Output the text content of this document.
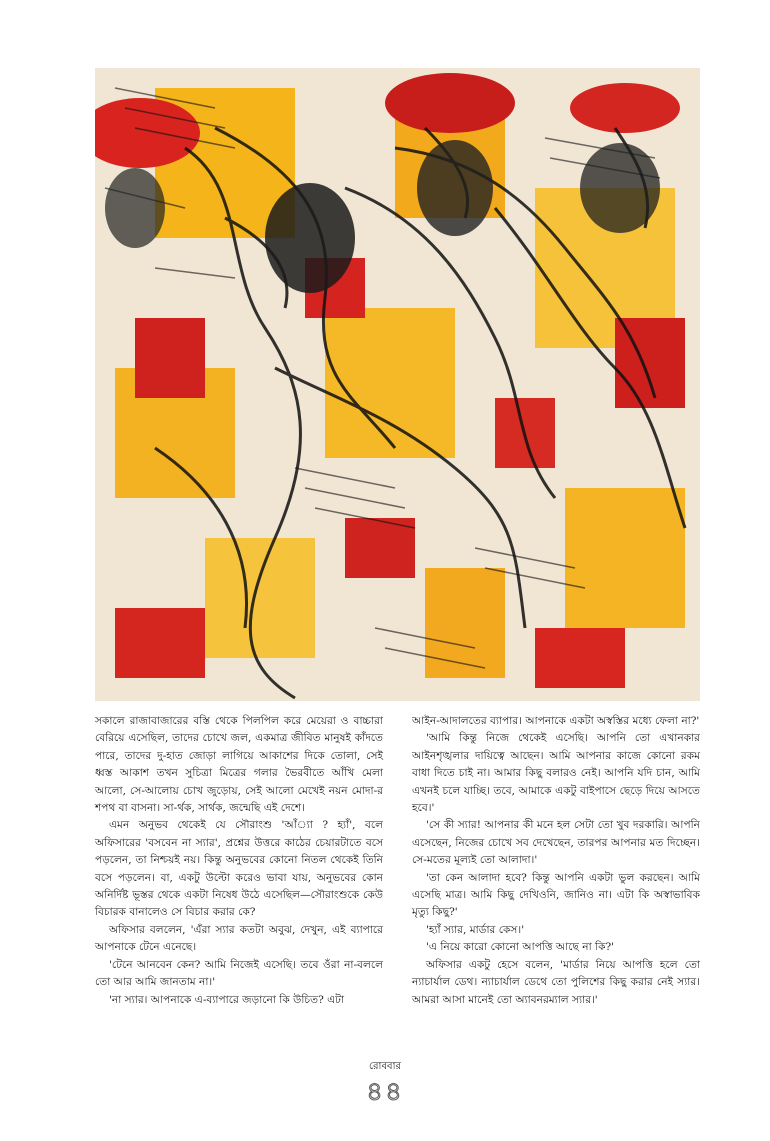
সকালে রাজাবাজারের বস্তি থেকে পিলপিল করে মেয়েরা ও বাচ্চারা বেরিয়ে এসেছিল, তাদের চোখে জল, একমাত্র জীবিত মানুষই কাঁদতে পারে, তাদের দু-হাত জোড়া লাগিয়ে আকাশের দিকে তোলা, সেই ধ্বস্ত আকাশ তখন সুচিত্রা মিত্রের গলার ভৈরবীতে আঁখি মেলা আলো, সে-আলোয় চোখ জুড়োয়, সেই আলো মেখেই নয়ন মোদা-র শপথ বা বাসনা। সা-র্থক, সার্থক, জন্মেছি এই দেশে।

এমন অনুভব থেকেই যে সৌরাংশু 'আঁ্যা ? হ্যাঁ', বলে অফিসারের 'বসবেন না স্যার', প্রশ্নের উত্তরে কাঠের চেয়ারটাতে বসে পড়লেন, তা নিশ্চয়ই নয়। কিন্তু অনুভবের কোনো নিতল থেকেই তিনি বসে পড়লেন। বা, একটু উল্টো করেও ভাবা যায়, অনুভবের কোন অনির্দিষ্ট ভূস্তর থেকে একটা নিষেধ উঠে এসেছিল—সৌরাংশুকে কেউ বিচারক বানালেও সে বিচার করার কে?

অফিসার বললেন, 'এঁরা স্যার কতটা অবুঝ, দেখুন, এই ব্যাপারে আপনাকে টেনে এনেছে।

'টেনে আনবেন কেন? আমি নিজেই এসেছি। তবে ওঁরা না-বললে তো আর আমি জানতাম না।'

'না স্যার। আপনাকে এ-ব্যাপারে জড়ানো কি উচিত? এটা

আইন-আদালতের ব্যাপার। আপনাকে একটা অস্বস্তির মধ্যে ফেলা না?'

'আমি কিন্তু নিজে থেকেই এসেছি। আপনি তো এখানকার আইনশৃঙ্খলার দায়িত্বে আছেন। আমি আপনার কাজে কোনো রকম বাধা দিতে চাই না। আমার কিছু বলারও নেই। আপনি যদি চান, আমি এখনই চলে যাচ্ছি। তবে, আমাকে একটু বাইপাসে ছেড়ে দিয়ে আসতে হবে।'

'সে কী স্যার! আপনার কী মনে হল সেটা তো খুব দরকারি। আপনি এসেছেন, নিজের চোখে সব দেখেছেন, তারপর আপনার মত দিচ্ছেন। সে-মতের মূল্যই তো আলাদা।'

'তা কেন আলাদা হবে? কিন্তু আপনি একটা ভুল করছেন। আমি এসেছি মাত্র। আমি কিছু দেখিওনি, জানিও না। এটা কি অস্বাভাবিক মৃত্যু কিছু?'

'হ্যাঁ স্যার, মার্ডার কেস।'

'এ নিয়ে কারো কোনো আপত্তি আছে না কি?'

অফিসার একটু হেসে বলেন, 'মার্ডার নিয়ে আপত্তি হলে তো ন্যাচার্যাল ডেথ। ন্যাচার্যাল ডেথে তো পুলিশের কিছু করার নেই স্যার। আমরা আসা মানেই তো অ্যাবনরম্যাল স্যার।'

রোববার
৪৪
